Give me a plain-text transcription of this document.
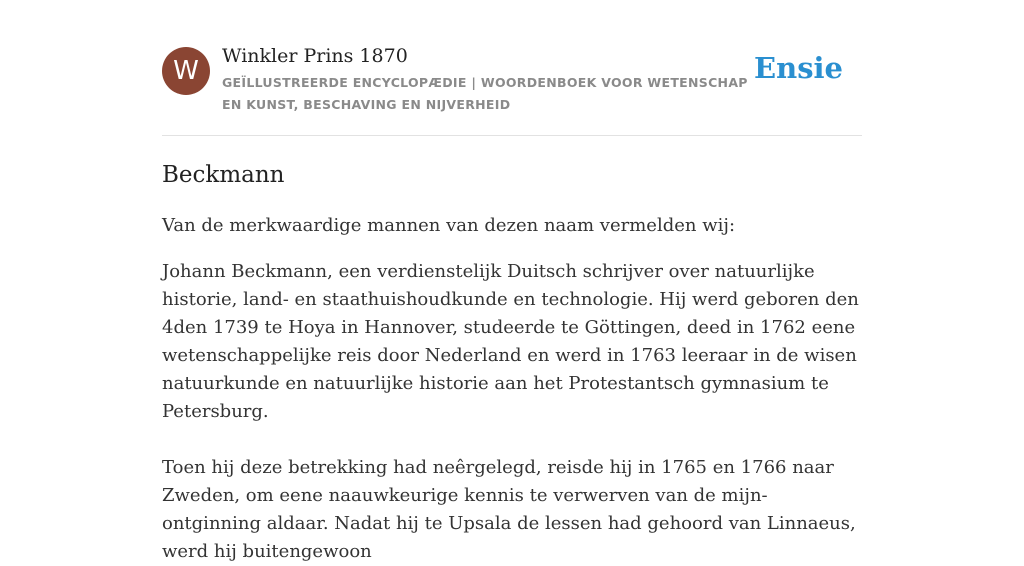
W	Winkler Prins 1870
GEÏLLUSTREERDE ENCYCLOPÆDIE | WOORDENBOEK VOOR WETENSCHAP EN KUNST, BESCHAVING EN NIJVERHEID
Ensie
Beckmann

Van de merkwaardige mannen van dezen naam vermelden wij:

Johann Beckmann, een verdienstelijk Duitsch schrijver over natuurlijke historie, land- en staathuishoudkunde en technologie. Hij werd geboren den 4den 1739 te Hoya in Hannover, studeerde te Göttingen, deed in 1762 eene wetenschappelijke reis door Nederland en werd in 1763 leeraar in de wisen natuurkunde en natuurlijke historie aan het Protestantsch gymnasium te Petersburg.

Toen hij deze betrekking had neêrgelegd, reisde hij in 1765 en 1766 naar Zweden, om eene naauwkeurige kennis te verwerven van de mijn-ontginning aldaar. Nadat hij te Upsala de lessen had gehoord van Linnaeus, werd hij buitengewoon
